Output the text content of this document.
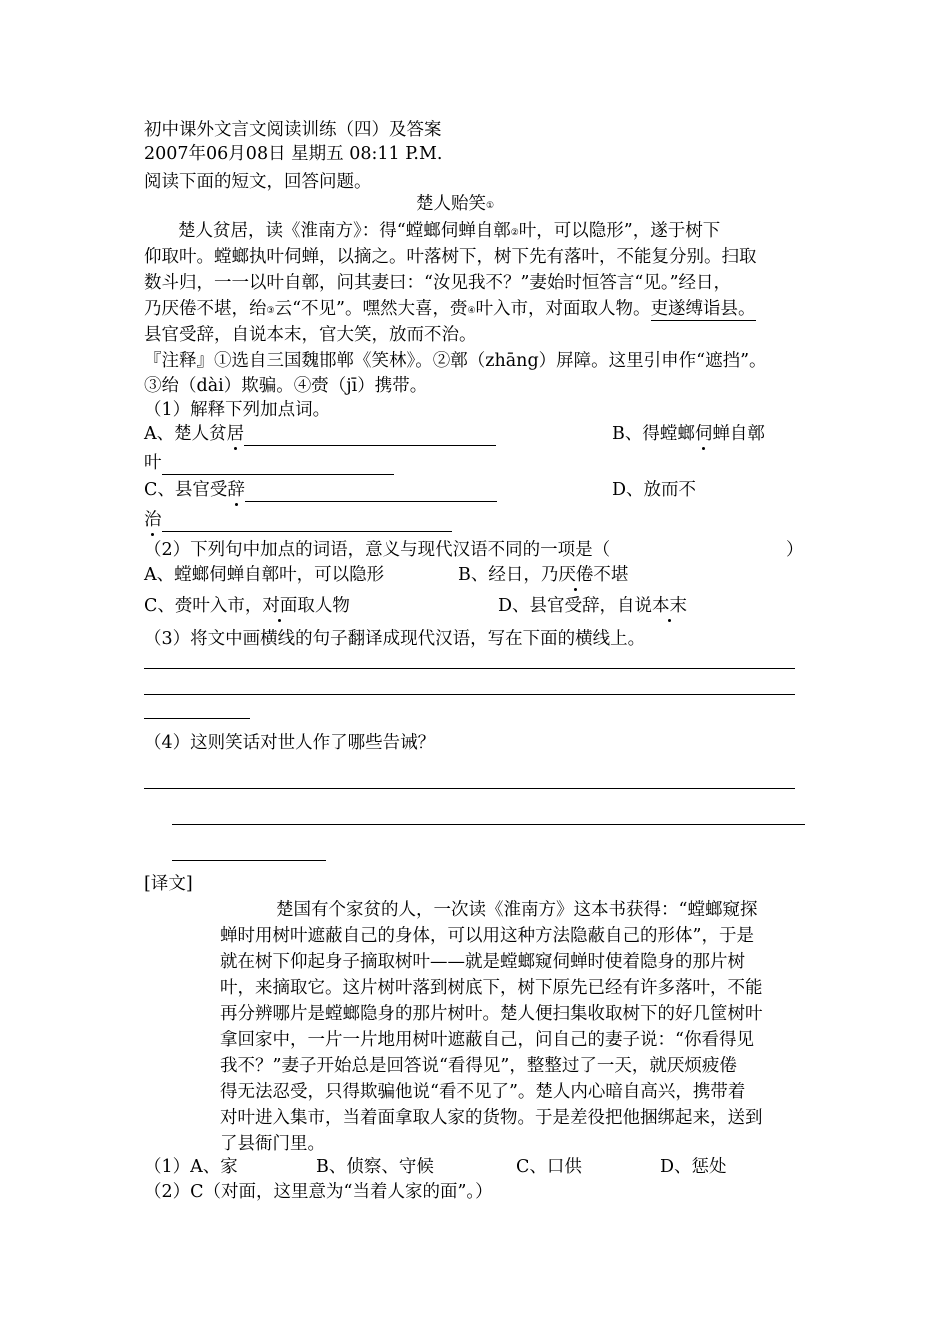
初中课外文言文阅读训练（四）及答案
2007年06月08日 星期五 08:11 P.M.
阅读下面的短文，回答问题。
楚人贻笑①
楚人贫居，读《淮南方》：得“螳螂伺蝉自鄣②叶，可以隐形”，遂于树下
仰取叶。螳螂执叶伺蝉，以摘之。叶落树下，树下先有落叶，不能复分别。扫取
数斗归，一一以叶自鄣，问其妻曰：“汝见我不？”妻始时恒答言“见。”经日，
乃厌倦不堪，绐③云“不见”。嘿然大喜，赍④叶入市，对面取人物。吏遂缚诣县。
县官受辞，自说本末，官大笑，放而不治。
『注释』①选自三国魏邯郸《笑林》。②鄣（zhāng）屏障。这里引申作“遮挡”。
③绐（dài）欺骗。④赍（jī）携带。
（1）解释下列加点词。
A、楚人贫居	B、得螳螂伺蝉自鄣
叶
C、县官受辞	D、放而不
治
（2）下列句中加点的词语，意义与现代汉语不同的一项是（	）
A、螳螂伺蝉自鄣叶，可以隐形	B、经日，乃厌倦不堪
C、赍叶入市，对面取人物	D、县官受辞，自说本末
（3）将文中画横线的句子翻译成现代汉语，写在下面的横线上。
（4）这则笑话对世人作了哪些告诫？
[译文]
楚国有个家贫的人，一次读《淮南方》这本书获得：“螳螂窥探
蝉时用树叶遮蔽自己的身体，可以用这种方法隐蔽自己的形体”，于是
就在树下仰起身子摘取树叶——就是螳螂窥伺蝉时使着隐身的那片树
叶，来摘取它。这片树叶落到树底下，树下原先已经有许多落叶，不能
再分辨哪片是螳螂隐身的那片树叶。楚人便扫集收取树下的好几筐树叶
拿回家中，一片一片地用树叶遮蔽自己，问自己的妻子说：“你看得见
我不？”妻子开始总是回答说“看得见”，整整过了一天，就厌烦疲倦
得无法忍受，只得欺骗他说“看不见了”。楚人内心暗自高兴，携带着
对叶进入集市，当着面拿取人家的货物。于是差役把他捆绑起来，送到
了县衙门里。
（1）A、家	B、侦察、守候	C、口供	D、惩处
（2）C（对面，这里意为“当着人家的面”。）
